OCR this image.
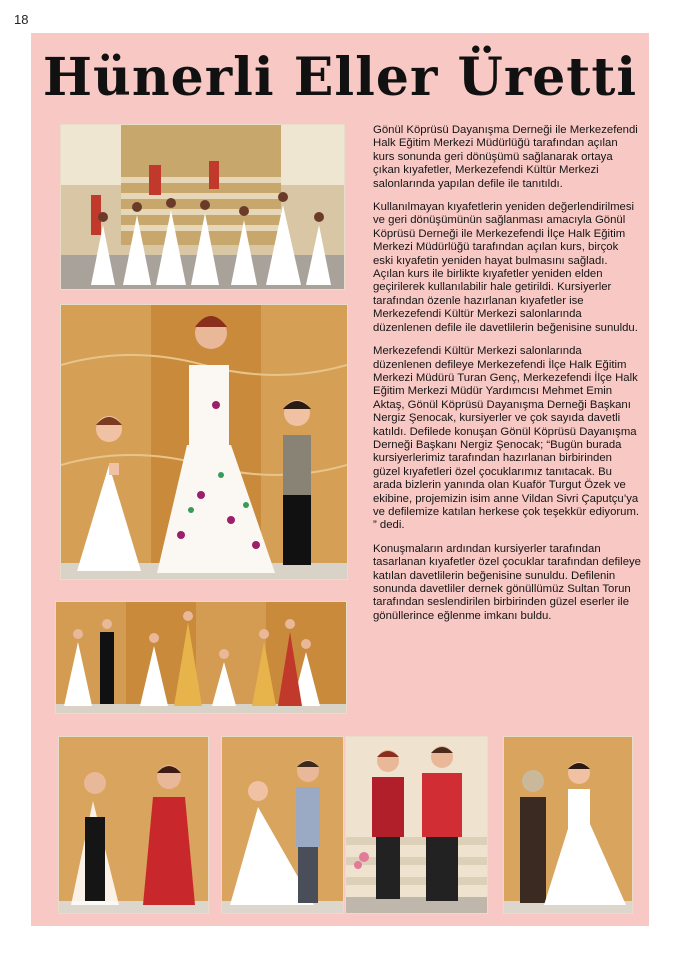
18
Hünerli Eller Üretti

Gönül Köprüsü Dayanışma Derneği ile Merkezefendi Halk Eğitim Merkezi Müdürlüğü tarafından açılan kurs sonunda geri dönüşümü sağlanarak ortaya çıkan kıyafetler, Merkezefendi Kültür Merkezi salonlarında yapılan defile ile tanıtıldı.

Kullanılmayan kıyafetlerin yeniden değerlendirilmesi ve geri dönüşümünün sağlanması amacıyla Gönül Köprüsü Derneği ile Merkezefendi İlçe Halk Eğitim Merkezi Müdürlüğü tarafından açılan kurs, birçok eski kıyafetin yeniden hayat bulmasını sağladı. Açılan kurs ile birlikte kıyafetler yeniden elden geçirilerek kullanılabilir hale getirildi. Kursiyerler tarafından özenle hazırlanan kıyafetler ise Merkezefendi Kültür Merkezi salonlarında düzenlenen defile ile davetlilerin beğenisine sunuldu.

Merkezefendi Kültür Merkezi salonlarında düzenlenen defileye Merkezefendi İlçe Halk Eğitim Merkezi Müdürü Turan Genç, Merkezefendi İlçe Halk Eğitim Merkezi Müdür Yardımcısı Mehmet Emin Aktaş, Gönül Köprüsü Dayanışma Derneği Başkanı Nergiz Şenocak, kursiyerler ve çok sayıda davetli katıldı. Defilede konuşan Gönül Köprüsü Dayanışma Derneği Başkanı Nergiz Şenocak; “Bugün burada kursiyerlerimiz tarafından hazırlanan birbirinden güzel kıyafetleri özel çocuklarımız tanıtacak. Bu arada bizlerin yanında olan Kuaför Turgut Özek ve ekibine, projemizin isim anne Vildan Sivri Çaputçu’ya ve defilemize katılan herkese çok teşekkür ediyorum. ” dedi.

Konuşmaların ardından kursiyerler tarafından tasarlanan kıyafetler özel çocuklar tarafından defileye katılan davetlilerin beğenisine sunuldu. Defilenin sonunda davetliler dernek gönüllümüz Sultan Torun tarafından seslendirilen birbirinden güzel eserler ile gönüllerince eğlenme imkanı buldu.
